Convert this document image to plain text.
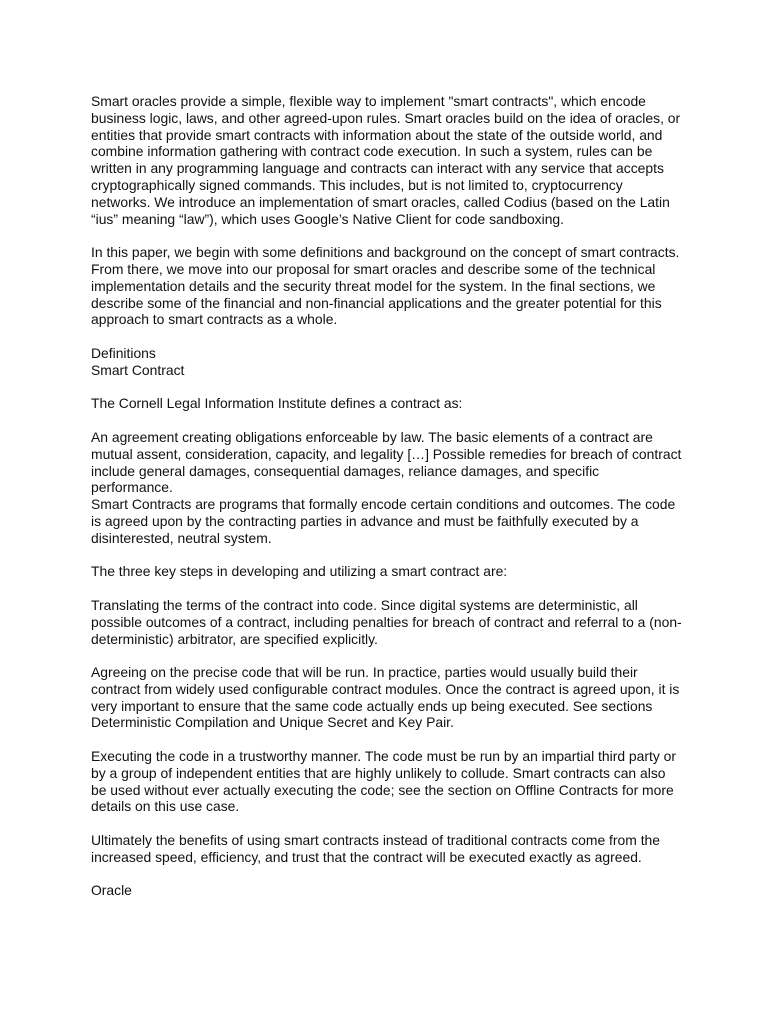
Smart oracles provide a simple, flexible way to implement "smart contracts", which encode
business logic, laws, and other agreed-upon rules. Smart oracles build on the idea of oracles, or
entities that provide smart contracts with information about the state of the outside world, and
combine information gathering with contract code execution. In such a system, rules can be
written in any programming language and contracts can interact with any service that accepts
cryptographically signed commands. This includes, but is not limited to, cryptocurrency
networks. We introduce an implementation of smart oracles, called Codius (based on the Latin
“ius” meaning “law”), which uses Google’s Native Client for code sandboxing.

In this paper, we begin with some definitions and background on the concept of smart contracts.
From there, we move into our proposal for smart oracles and describe some of the technical
implementation details and the security threat model for the system. In the final sections, we
describe some of the financial and non-financial applications and the greater potential for this
approach to smart contracts as a whole.

Definitions

Smart Contract

The Cornell Legal Information Institute defines a contract as:

An agreement creating obligations enforceable by law. The basic elements of a contract are
mutual assent, consideration, capacity, and legality […] Possible remedies for breach of contract
include general damages, consequential damages, reliance damages, and specific
performance.

Smart Contracts are programs that formally encode certain conditions and outcomes. The code
is agreed upon by the contracting parties in advance and must be faithfully executed by a
disinterested, neutral system.

The three key steps in developing and utilizing a smart contract are:

Translating the terms of the contract into code. Since digital systems are deterministic, all
possible outcomes of a contract, including penalties for breach of contract and referral to a (non-
deterministic) arbitrator, are specified explicitly.

Agreeing on the precise code that will be run. In practice, parties would usually build their
contract from widely used configurable contract modules. Once the contract is agreed upon, it is
very important to ensure that the same code actually ends up being executed. See sections
Deterministic Compilation and Unique Secret and Key Pair.

Executing the code in a trustworthy manner. The code must be run by an impartial third party or
by a group of independent entities that are highly unlikely to collude. Smart contracts can also
be used without ever actually executing the code; see the section on Offline Contracts for more
details on this use case.

Ultimately the benefits of using smart contracts instead of traditional contracts come from the
increased speed, efficiency, and trust that the contract will be executed exactly as agreed.

Oracle
